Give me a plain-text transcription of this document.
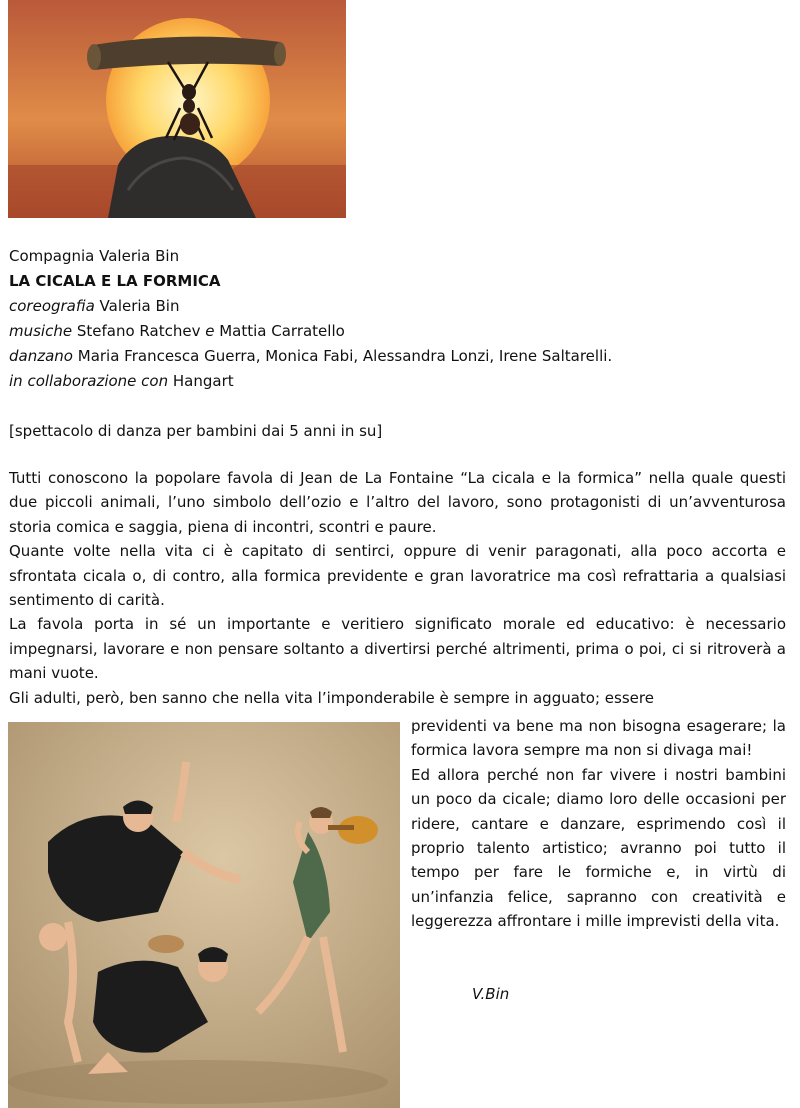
Compagnia Valeria Bin

LA CICALA E LA FORMICA

coreografia Valeria Bin

musiche Stefano Ratchev e Mattia Carratello

danzano Maria Francesca Guerra, Monica Fabi, Alessandra Lonzi, Irene Saltarelli.

in collaborazione con Hangart

[spettacolo di danza per bambini dai 5 anni in su]

Tutti conoscono la popolare favola di Jean de La Fontaine “La cicala e la formica” nella quale questi due piccoli animali, l’uno simbolo dell’ozio e l’altro del lavoro, sono protagonisti di un’avventurosa storia comica e saggia, piena di incontri, scontri e paure.

Quante volte nella vita ci è capitato di sentirci, oppure di venir paragonati, alla poco accorta e sfrontata cicala o, di contro, alla formica previdente e gran lavoratrice ma così refrattaria a qualsiasi sentimento di carità.

La favola porta in sé un importante e veritiero significato morale ed educativo: è necessario impegnarsi, lavorare e non pensare soltanto a divertirsi perché altrimenti, prima o poi, ci si ritroverà a mani vuote.

Gli adulti, però, ben sanno che nella vita l’imponderabile è sempre in agguato; essere

previdenti va bene ma non bisogna esagerare; la formica lavora sempre ma non si divaga mai!

Ed allora perché non far vivere i nostri bambini un poco da cicale; diamo loro delle occasioni per ridere, cantare e danzare, esprimendo così il proprio talento artistico; avranno poi tutto il tempo per fare le formiche e, in virtù di un’infanzia felice, sapranno con creatività e leggerezza affrontare i mille imprevisti della vita.

V.Bin
